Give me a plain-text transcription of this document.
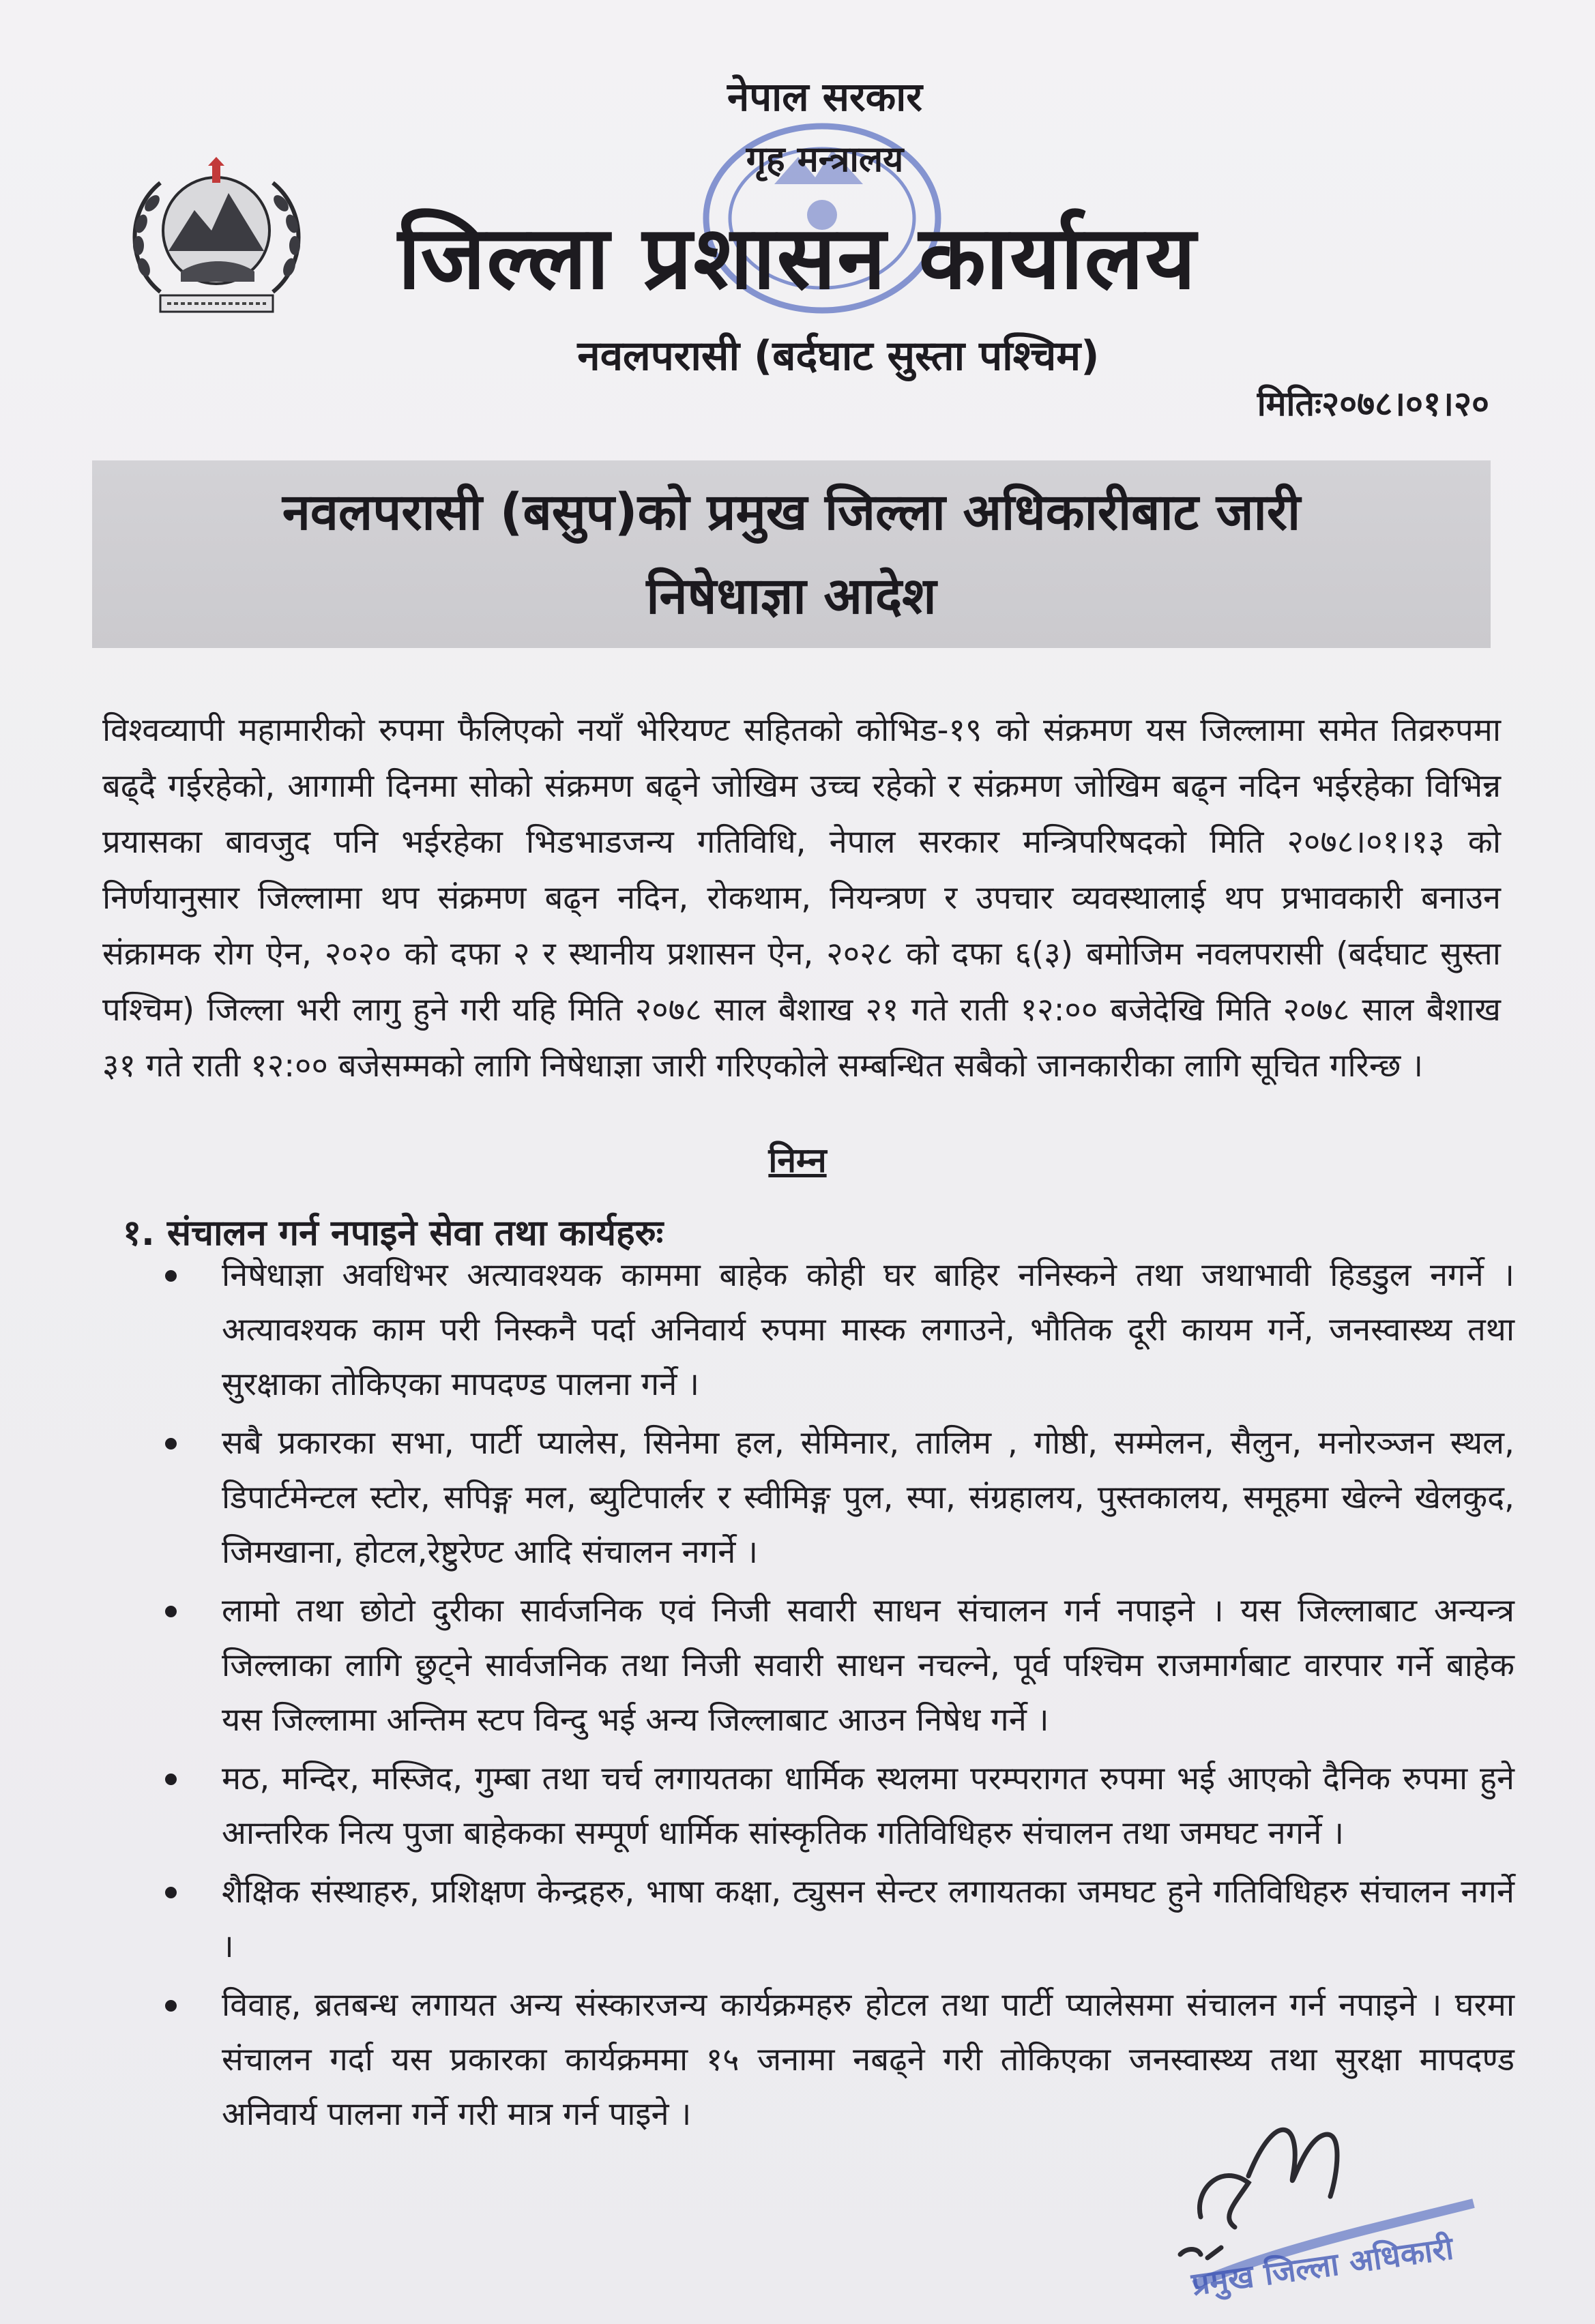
नेपाल सरकार
गृह मन्त्रालय
जिल्ला प्रशासन कार्यालय
नवलपरासी (बर्दघाट सुस्ता पश्चिम)
मितिः२०७८।०१।२०
नवलपरासी (बसुप)को प्रमुख जिल्ला अधिकारीबाट जारी
निषेधाज्ञा आदेश
विश्वव्यापी महामारीको रुपमा फैलिएको नयाँ भेरियण्ट सहितको कोभिड-१९ को संक्रमण यस जिल्लामा समेत तिव्ररुपमा बढ्दै गईरहेको, आगामी दिनमा सोको संक्रमण बढ्ने जोखिम उच्च रहेको र संक्रमण जोखिम बढ्न नदिन भईरहेका विभिन्न प्रयासका बावजुद पनि भईरहेका भिडभाडजन्य गतिविधि, नेपाल सरकार मन्त्रिपरिषदको मिति २०७८।०१।१३ को निर्णयानुसार जिल्लामा थप संक्रमण बढ्न नदिन, रोकथाम, नियन्त्रण र उपचार व्यवस्थालाई थप प्रभावकारी बनाउन संक्रामक रोग ऐन, २०२० को दफा २ र स्थानीय प्रशासन ऐन, २०२८ को दफा ६(३) बमोजिम नवलपरासी (बर्दघाट सुस्ता पश्चिम) जिल्ला भरी लागु हुने गरी यहि मिति २०७८ साल बैशाख २१ गते राती १२:०० बजेदेखि मिति २०७८ साल बैशाख ३१ गते राती १२:०० बजेसम्मको लागि निषेधाज्ञा जारी गरिएकोले सम्बन्धित सबैको जानकारीका लागि सूचित गरिन्छ ।
निम्न
१. संचालन गर्न नपाइने सेवा तथा कार्यहरुः
निषेधाज्ञा अवधिभर अत्यावश्यक काममा बाहेक कोही घर बाहिर ननिस्कने तथा जथाभावी हिडडुल नगर्ने । अत्यावश्यक काम परी निस्कनै पर्दा अनिवार्य रुपमा मास्क लगाउने, भौतिक दूरी कायम गर्ने, जनस्वास्थ्य तथा सुरक्षाका तोकिएका मापदण्ड पालना गर्ने ।
सबै प्रकारका सभा, पार्टी प्यालेस, सिनेमा हल, सेमिनार, तालिम , गोष्ठी, सम्मेलन, सैलुन, मनोरञ्जन स्थल, डिपार्टमेन्टल स्टोर, सपिङ्ग मल, ब्युटिपार्लर र स्वीमिङ्ग पुल, स्पा, संग्रहालय, पुस्तकालय, समूहमा खेल्ने खेलकुद, जिमखाना, होटल,रेष्टुरेण्ट आदि संचालन नगर्ने ।
लामो तथा छोटो दुरीका सार्वजनिक एवं निजी सवारी साधन संचालन गर्न नपाइने । यस जिल्लाबाट अन्यन्त्र जिल्लाका लागि छुट्ने सार्वजनिक तथा निजी सवारी साधन नचल्ने, पूर्व पश्चिम राजमार्गबाट वारपार गर्ने बाहेक यस जिल्लामा अन्तिम स्टप विन्दु भई अन्य जिल्लाबाट आउन निषेध गर्ने ।
मठ, मन्दिर, मस्जिद, गुम्बा तथा चर्च लगायतका धार्मिक स्थलमा परम्परागत रुपमा भई आएको दैनिक रुपमा हुने आन्तरिक नित्य पुजा बाहेकका सम्पूर्ण धार्मिक सांस्कृतिक गतिविधिहरु संचालन तथा जमघट नगर्ने ।
शैक्षिक संस्थाहरु, प्रशिक्षण केन्द्रहरु, भाषा कक्षा, ट्युसन सेन्टर लगायतका जमघट हुने गतिविधिहरु संचालन नगर्ने ।
विवाह, ब्रतबन्ध लगायत अन्य संस्कारजन्य कार्यक्रमहरु होटल तथा पार्टी प्यालेसमा संचालन गर्न नपाइने । घरमा संचालन गर्दा यस प्रकारका कार्यक्रममा १५ जनामा नबढ्ने गरी तोकिएका जनस्वास्थ्य तथा सुरक्षा मापदण्ड अनिवार्य पालना गर्ने गरी मात्र गर्न पाइने ।
प्रमुख जिल्ला अधिकारी
